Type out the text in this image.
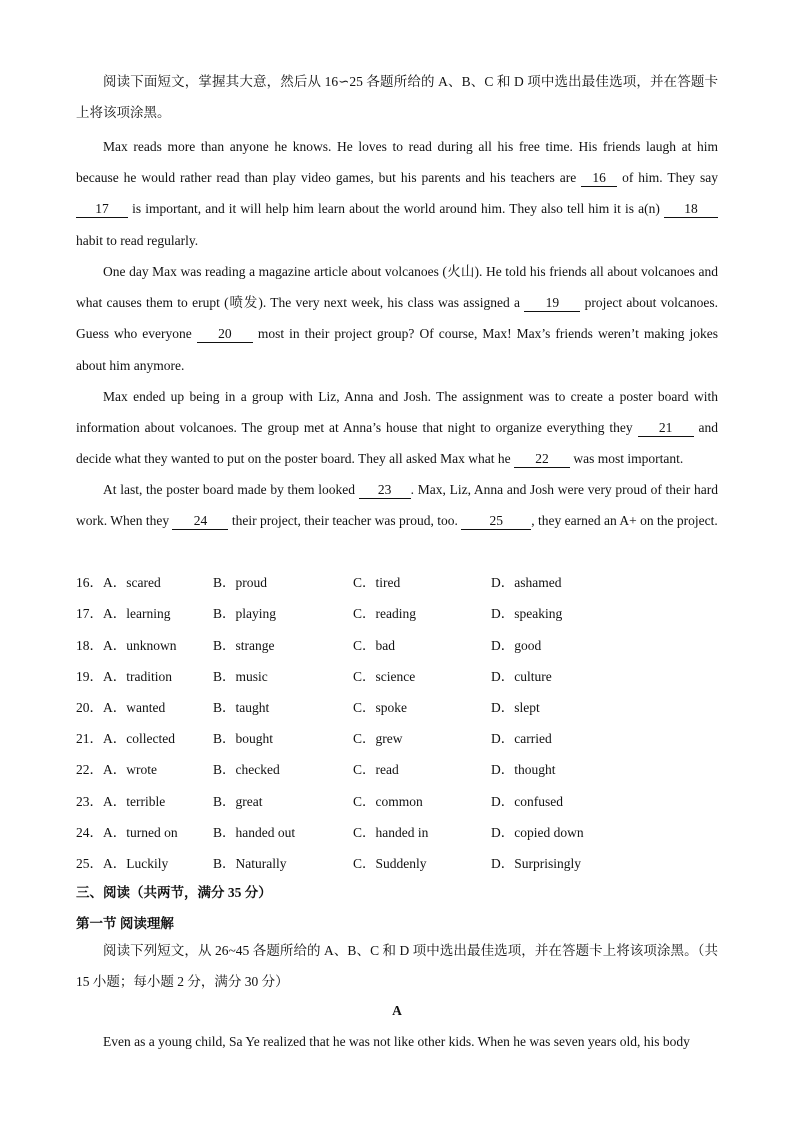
阅读下面短文，掌握其大意，然后从 16∽25 各题所给的 A、B、C 和 D 项中选出最佳选项，并在答题卡上将该项涂黑。

Max reads more than anyone he knows. He loves to read during all his free time. His friends laugh at him because he would rather read than play video games, but his parents and his teachers are 16 of him. They say 17 is important, and it will help him learn about the world around him. They also tell him it is a(n) 18 habit to read regularly.

One day Max was reading a magazine article about volcanoes (火山). He told his friends all about volcanoes and what causes them to erupt (喷发). The very next week, his class was assigned a 19 project about volcanoes. Guess who everyone 20 most in their project group? Of course, Max! Max’s friends weren’t making jokes about him anymore.

Max ended up being in a group with Liz, Anna and Josh. The assignment was to create a poster board with information about volcanoes. The group met at Anna’s house that night to organize everything they 21 and decide what they wanted to put on the poster board. They all asked Max what he 22 was most important.

At last, the poster board made by them looked 23 . Max, Liz, Anna and Josh were very proud of their hard work. When they 24 their project, their teacher was proud, too. 25 , they earned an A+ on the project.

16．A．scared	B．proud	C．tired	D．ashamed
17．A．learning	B．playing	C．reading	D．speaking
18．A．unknown	B．strange	C．bad	D．good
19．A．tradition	B．music	C．science	D．culture
20．A．wanted	B．taught	C．spoke	D．slept
21．A．collected	B．bought	C．grew	D．carried
22．A．wrote	B．checked	C．read	D．thought
23．A．terrible	B．great	C．common	D．confused
24．A．turned on	B．handed out	C．handed in	D．copied down
25．A．Luckily	B．Naturally	C．Suddenly	D．Surprisingly
三、阅读（共两节，满分 35 分）
第一节 阅读理解

阅读下列短文，从 26~45 各题所给的 A、B、C 和 D 项中选出最佳选项，并在答题卡上将该项涂黑。（共 15 小题；每小题 2 分，满分 30 分）

A

Even as a young child, Sa Ye realized that he was not like other kids. When he was seven years old, his body
